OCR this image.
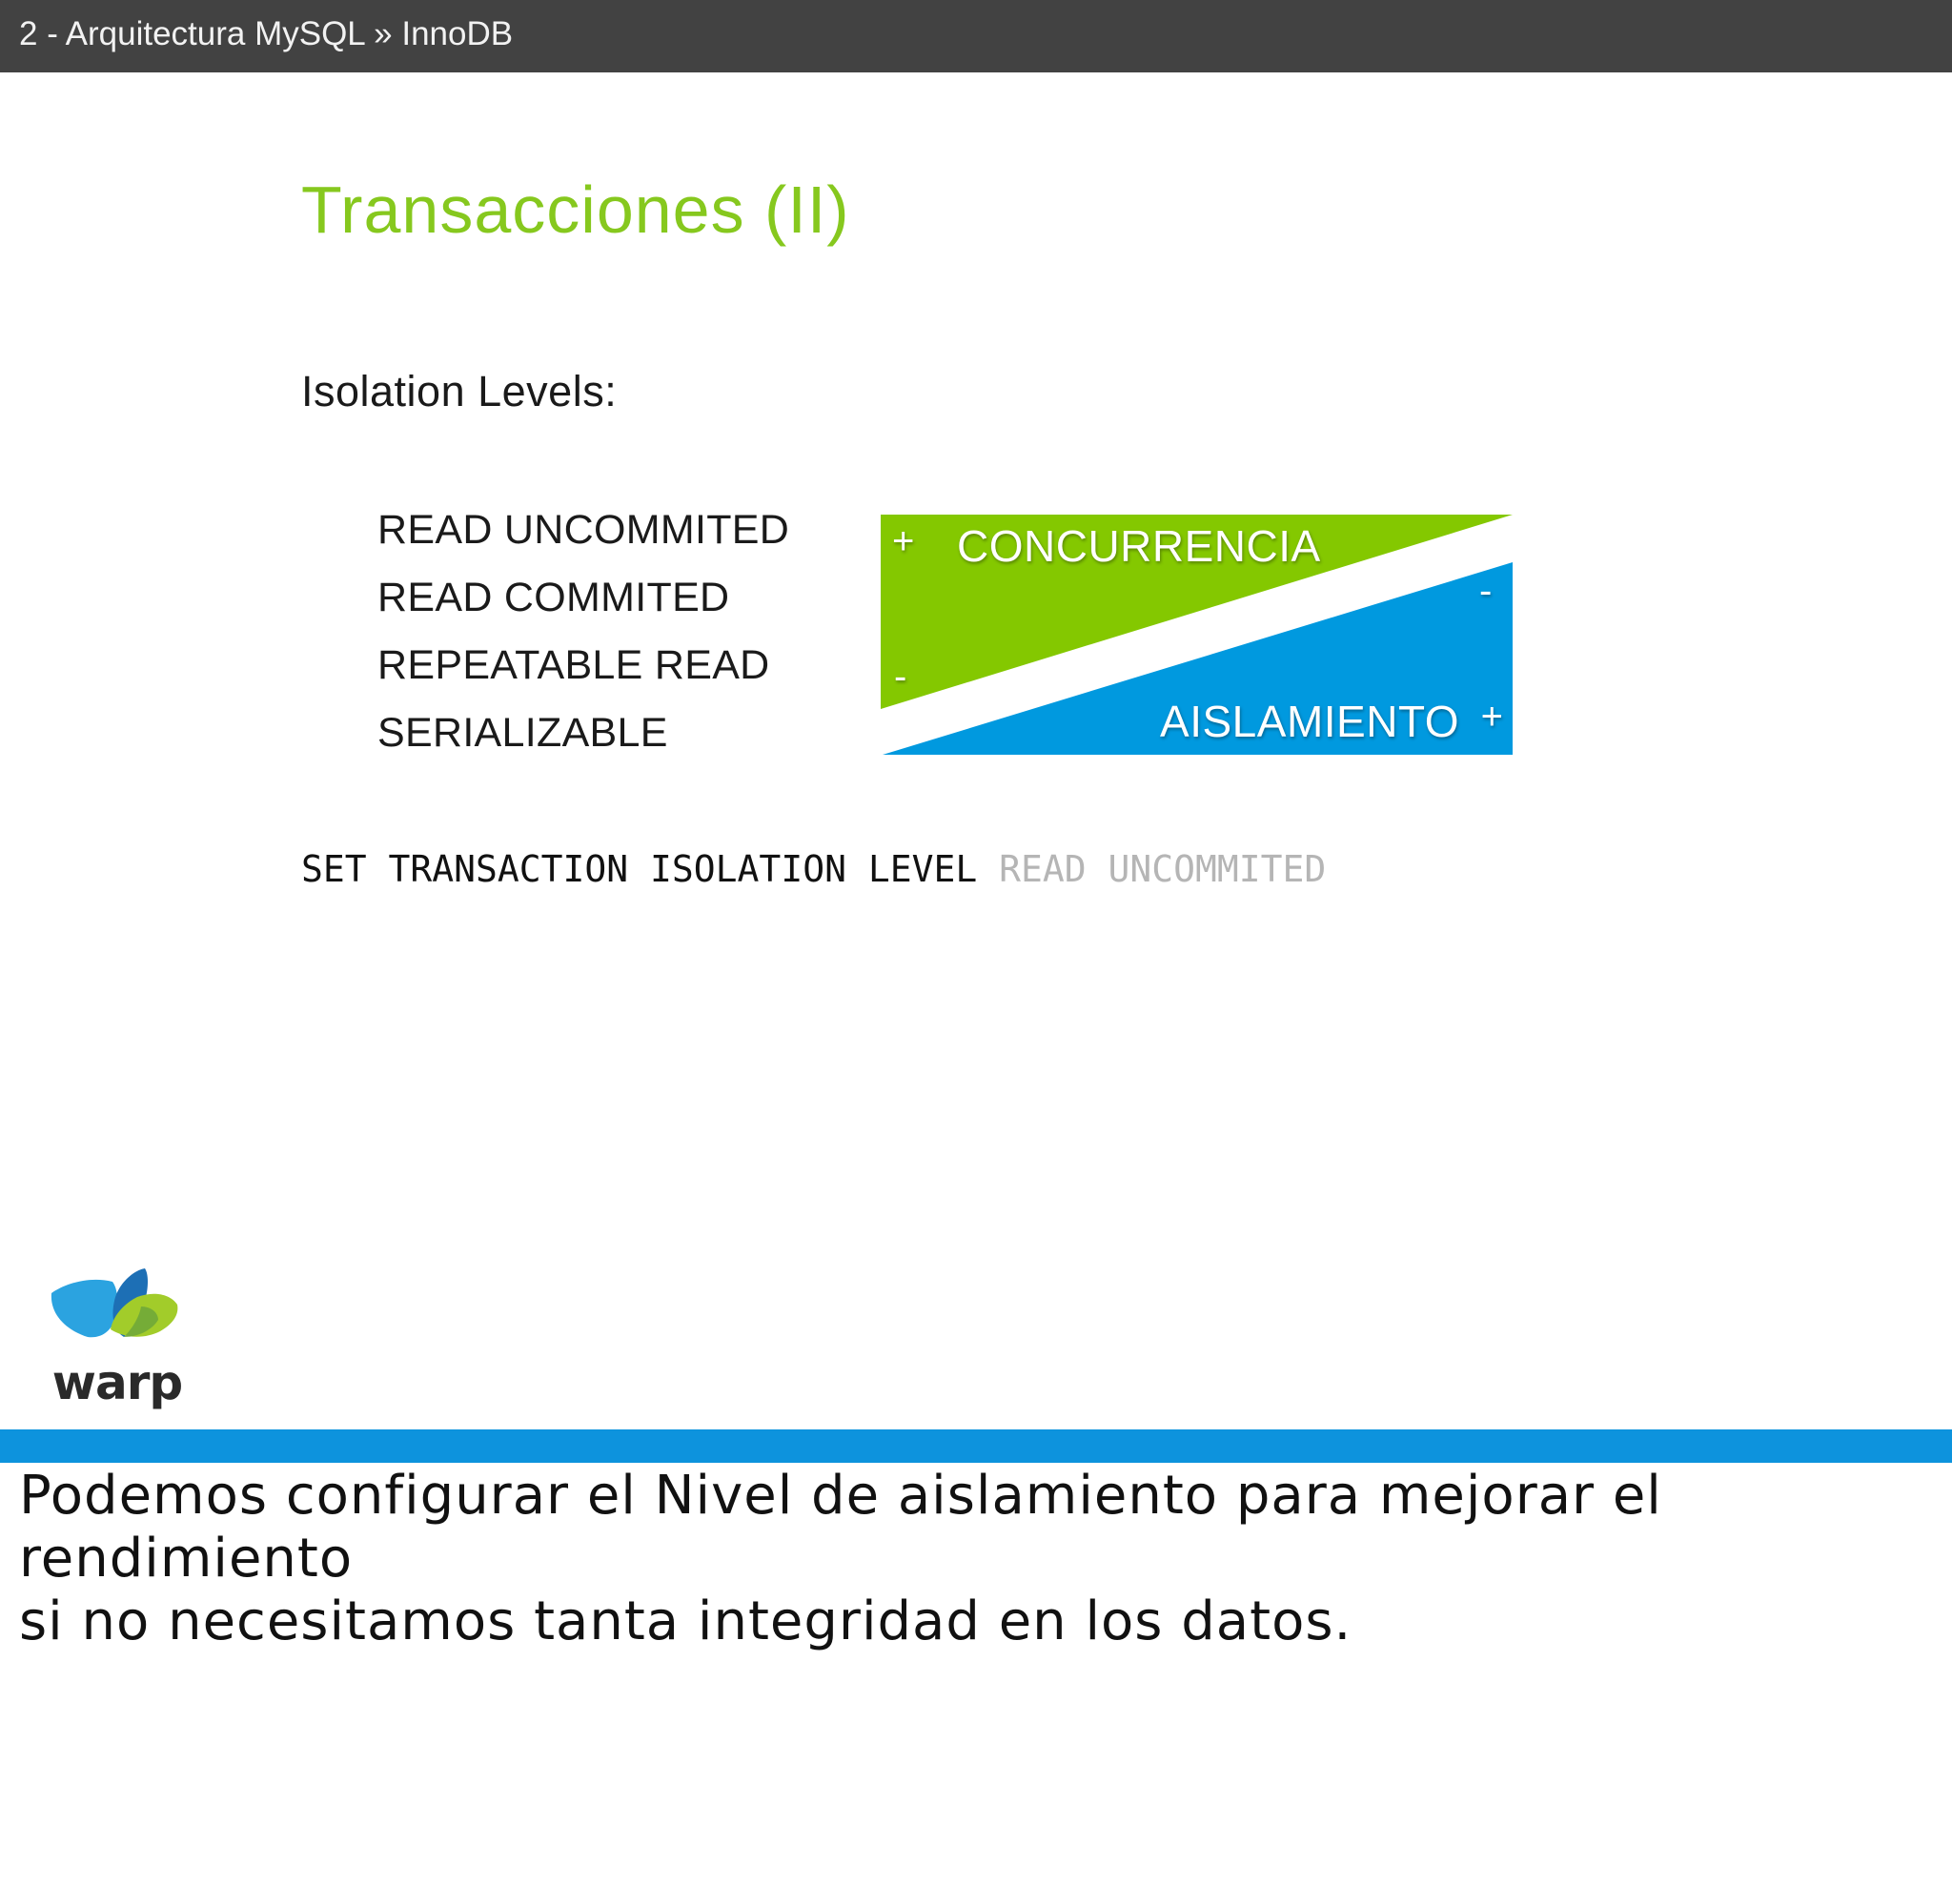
2 - Arquitectura MySQL » InnoDB
Transacciones (II)
Isolation Levels:
READ UNCOMMITED
READ COMMITED
REPEATABLE READ
SERIALIZABLE
+ CONCURRENCIA
-
-
AISLAMIENTO +
SET TRANSACTION ISOLATION LEVEL READ UNCOMMITED
warp
Podemos configurar el Nivel de aislamiento para mejorar el rendimiento
si no necesitamos tanta integridad en los datos.
